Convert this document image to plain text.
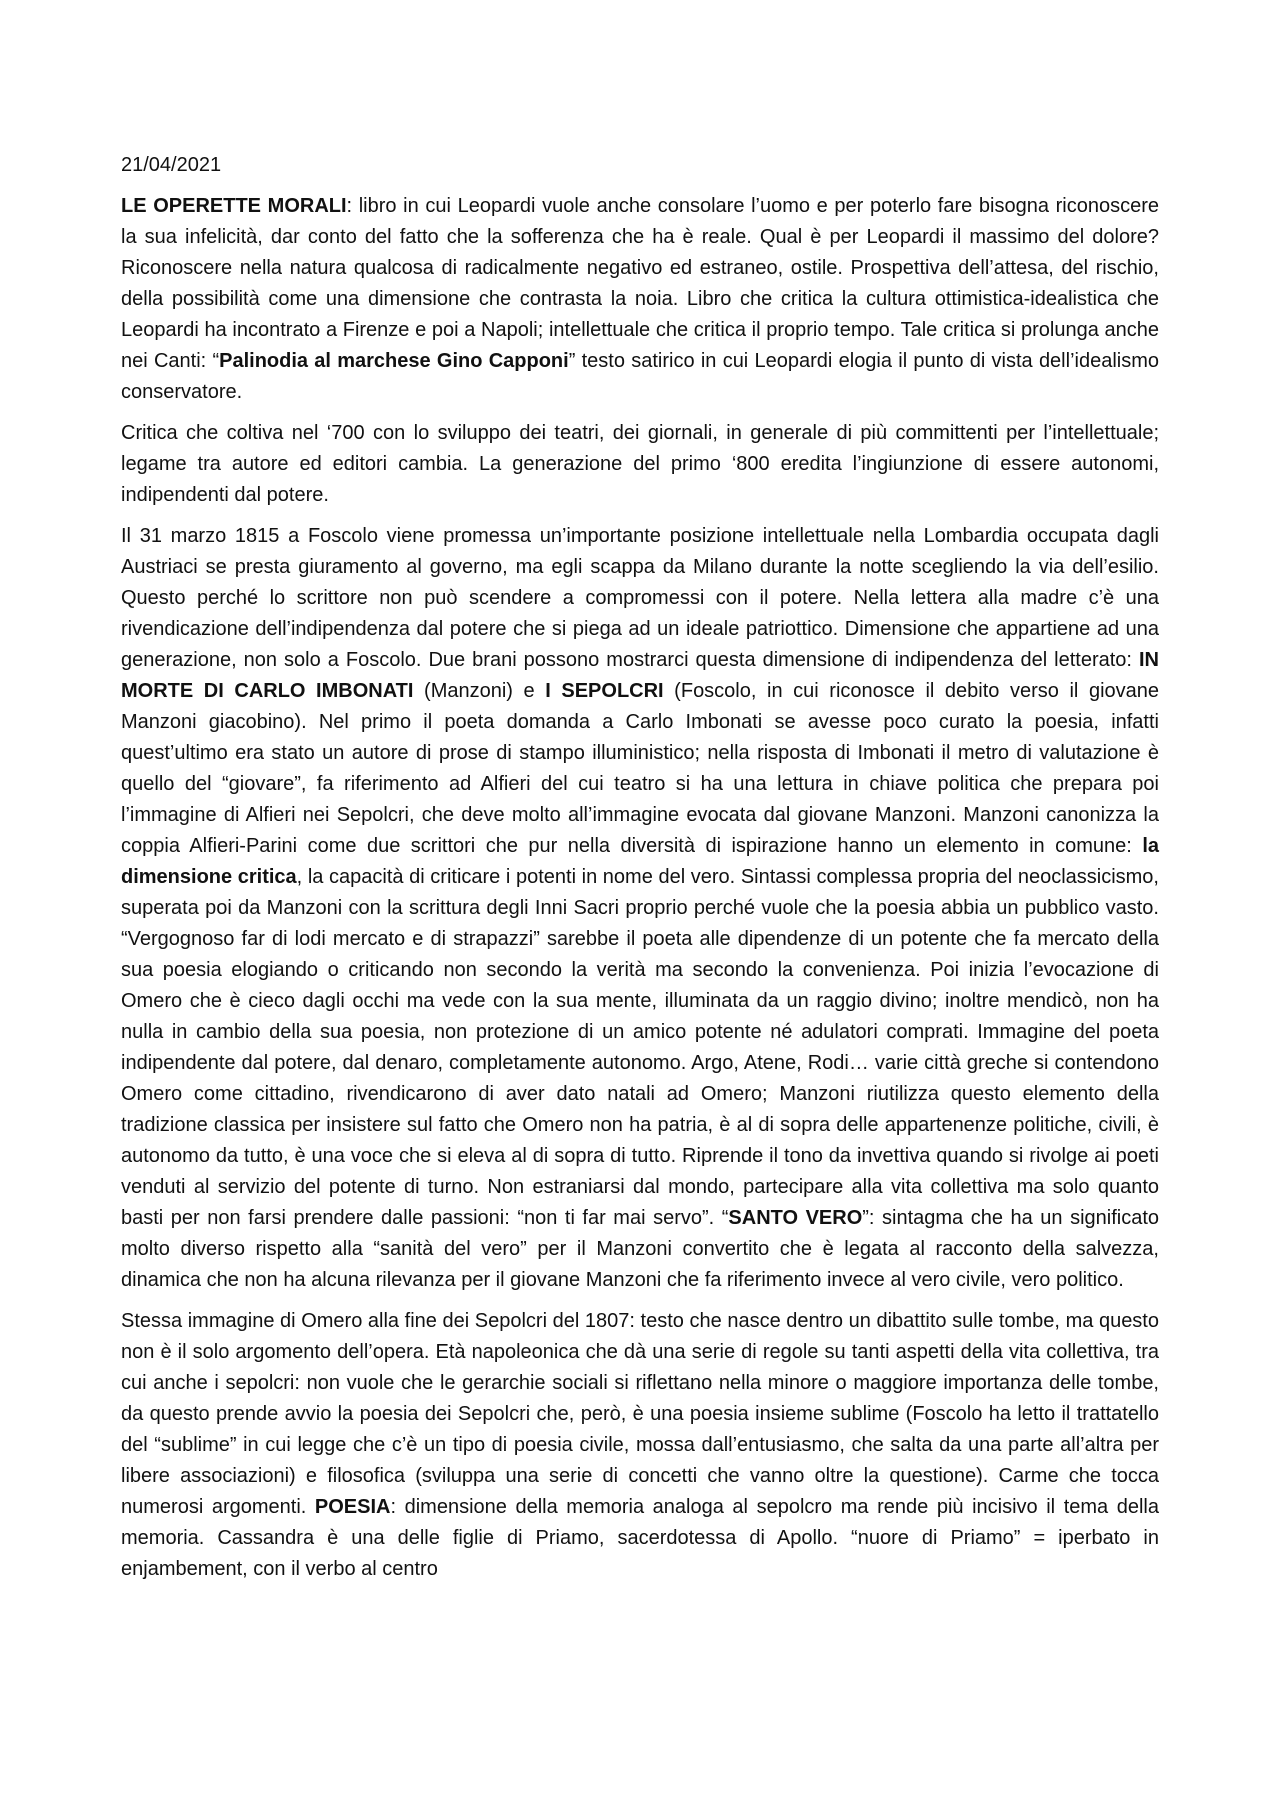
21/04/2021

LE OPERETTE MORALI: libro in cui Leopardi vuole anche consolare l’uomo e per poterlo fare bisogna riconoscere la sua infelicità, dar conto del fatto che la sofferenza che ha è reale. Qual è per Leopardi il massimo del dolore? Riconoscere nella natura qualcosa di radicalmente negativo ed estraneo, ostile. Prospettiva dell’attesa, del rischio, della possibilità come una dimensione che contrasta la noia. Libro che critica la cultura ottimistica-idealistica che Leopardi ha incontrato a Firenze e poi a Napoli; intellettuale che critica il proprio tempo. Tale critica si prolunga anche nei Canti: “Palinodia al marchese Gino Capponi” testo satirico in cui Leopardi elogia il punto di vista dell’idealismo conservatore.

Critica che coltiva nel ‘700 con lo sviluppo dei teatri, dei giornali, in generale di più committenti per l’intellettuale; legame tra autore ed editori cambia. La generazione del primo ‘800 eredita l’ingiunzione di essere autonomi, indipendenti dal potere.

Il 31 marzo 1815 a Foscolo viene promessa un’importante posizione intellettuale nella Lombardia occupata dagli Austriaci se presta giuramento al governo, ma egli scappa da Milano durante la notte scegliendo la via dell’esilio. Questo perché lo scrittore non può scendere a compromessi con il potere. Nella lettera alla madre c’è una rivendicazione dell’indipendenza dal potere che si piega ad un ideale patriottico. Dimensione che appartiene ad una generazione, non solo a Foscolo. Due brani possono mostrarci questa dimensione di indipendenza del letterato: IN MORTE DI CARLO IMBONATI (Manzoni) e I SEPOLCRI (Foscolo, in cui riconosce il debito verso il giovane Manzoni giacobino). Nel primo il poeta domanda a Carlo Imbonati se avesse poco curato la poesia, infatti quest’ultimo era stato un autore di prose di stampo illuministico; nella risposta di Imbonati il metro di valutazione è quello del “giovare”, fa riferimento ad Alfieri del cui teatro si ha una lettura in chiave politica che prepara poi l’immagine di Alfieri nei Sepolcri, che deve molto all’immagine evocata dal giovane Manzoni. Manzoni canonizza la coppia Alfieri-Parini come due scrittori che pur nella diversità di ispirazione hanno un elemento in comune: la dimensione critica, la capacità di criticare i potenti in nome del vero. Sintassi complessa propria del neoclassicismo, superata poi da Manzoni con la scrittura degli Inni Sacri proprio perché vuole che la poesia abbia un pubblico vasto. “Vergognoso far di lodi mercato e di strapazzi” sarebbe il poeta alle dipendenze di un potente che fa mercato della sua poesia elogiando o criticando non secondo la verità ma secondo la convenienza. Poi inizia l’evocazione di Omero che è cieco dagli occhi ma vede con la sua mente, illuminata da un raggio divino; inoltre mendicò, non ha nulla in cambio della sua poesia, non protezione di un amico potente né adulatori comprati. Immagine del poeta indipendente dal potere, dal denaro, completamente autonomo. Argo, Atene, Rodi… varie città greche si contendono Omero come cittadino, rivendicarono di aver dato natali ad Omero; Manzoni riutilizza questo elemento della tradizione classica per insistere sul fatto che Omero non ha patria, è al di sopra delle appartenenze politiche, civili, è autonomo da tutto, è una voce che si eleva al di sopra di tutto. Riprende il tono da invettiva quando si rivolge ai poeti venduti al servizio del potente di turno. Non estraniarsi dal mondo, partecipare alla vita collettiva ma solo quanto basti per non farsi prendere dalle passioni: “non ti far mai servo”. “SANTO VERO”: sintagma che ha un significato molto diverso rispetto alla “sanità del vero” per il Manzoni convertito che è legata al racconto della salvezza, dinamica che non ha alcuna rilevanza per il giovane Manzoni che fa riferimento invece al vero civile, vero politico.

Stessa immagine di Omero alla fine dei Sepolcri del 1807: testo che nasce dentro un dibattito sulle tombe, ma questo non è il solo argomento dell’opera. Età napoleonica che dà una serie di regole su tanti aspetti della vita collettiva, tra cui anche i sepolcri: non vuole che le gerarchie sociali si riflettano nella minore o maggiore importanza delle tombe, da questo prende avvio la poesia dei Sepolcri che, però, è una poesia insieme sublime (Foscolo ha letto il trattatello del “sublime” in cui legge che c’è un tipo di poesia civile, mossa dall’entusiasmo, che salta da una parte all’altra per libere associazioni) e filosofica (sviluppa una serie di concetti che vanno oltre la questione). Carme che tocca numerosi argomenti. POESIA: dimensione della memoria analoga al sepolcro ma rende più incisivo il tema della memoria. Cassandra è una delle figlie di Priamo, sacerdotessa di Apollo. “nuore di Priamo” = iperbato in enjambement, con il verbo al centro
